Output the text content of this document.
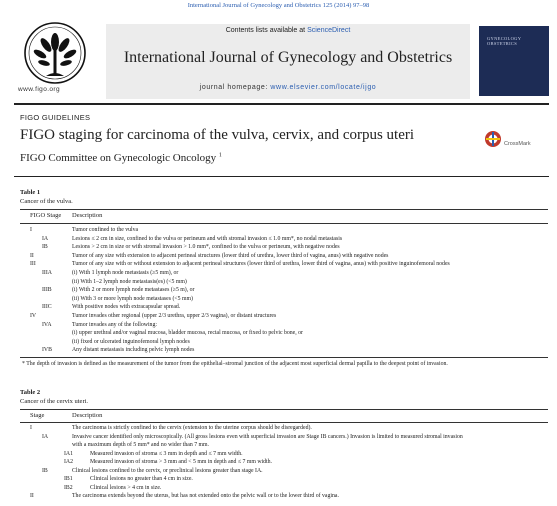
International Journal of Gynecology and Obstetrics 125 (2014) 97–98
Contents lists available at ScienceDirect
International Journal of Gynecology and Obstetrics
journal homepage: www.elsevier.com/locate/ijgo
www.figo.org
GYNECOLOGY OBSTETRICS
FIGO GUIDELINES
FIGO staging for carcinoma of the vulva, cervix, and corpus uteri
FIGO Committee on Gynecologic Oncology $^1$
CrossMark
Table 1
Cancer of the vulva.
FIGO Stage Description
I	Tumor confined to the vulva
IA	Lesions ≤ 2 cm in size, confined to the vulva or perineum and with stromal invasion ≤ 1.0 mm*, no nodal metastasis
IB	Lesions > 2 cm in size or with stromal invasion > 1.0 mm*, confined to the vulva or perineum, with negative nodes
II	Tumor of any size with extension to adjacent perineal structures (lower third of urethra, lower third of vagina, anus) with negative nodes
III	Tumor of any size with or without extension to adjacent perineal structures (lower third of urethra, lower third of vagina, anus) with positive inguinofemoral nodes
IIIA	(i) With 1 lymph node metastasis (≥5 mm), or
(ii) With 1–2 lymph node metastasis(es) (<5 mm)
IIIB	(i) With 2 or more lymph node metastases (≥5 m), or
(ii) With 3 or more lymph node metastases (<5 mm)
IIIC	With positive nodes with extracapsular spread.
IV	Tumor invades other regional (upper 2/3 urethra, upper 2/3 vagina), or distant structures
IVA	Tumor invades any of the following:
(i) upper urethral and/or vaginal mucosa, bladder mucosa, rectal mucosa, or fixed to pelvic bone, or
(ii) fixed or ulcerated inguinofemoral lymph nodes
IVB	Any distant metastasis including pelvic lymph nodes
* The depth of invasion is defined as the measurement of the tumor from the epithelial–stromal junction of the adjacent most superficial dermal papilla to the deepest point of invasion.
Table 2
Cancer of the cervix uteri.
Stage	Description
I	The carcinoma is strictly confined to the cervix (extension to the uterine corpus should be disregarded).
IA	Invasive cancer identified only microscopically. (All gross lesions even with superficial invasion are Stage IB cancers.) Invasion is limited to measured stromal invasion
with a maximum depth of 5 mm* and no wider than 7 mm.
IA1	Measured invasion of stroma ≤ 3 mm in depth and ≤ 7 mm width.
IA2	Measured invasion of stroma > 3 mm and < 5 mm in depth and ≤ 7 mm width.
IB	Clinical lesions confined to the cervix, or preclinical lesions greater than stage IA.
IB1	Clinical lesions no greater than 4 cm in size.
IB2	Clinical lesions > 4 cm in size.
II	The carcinoma extends beyond the uterus, but has not extended onto the pelvic wall or to the lower third of vagina.
